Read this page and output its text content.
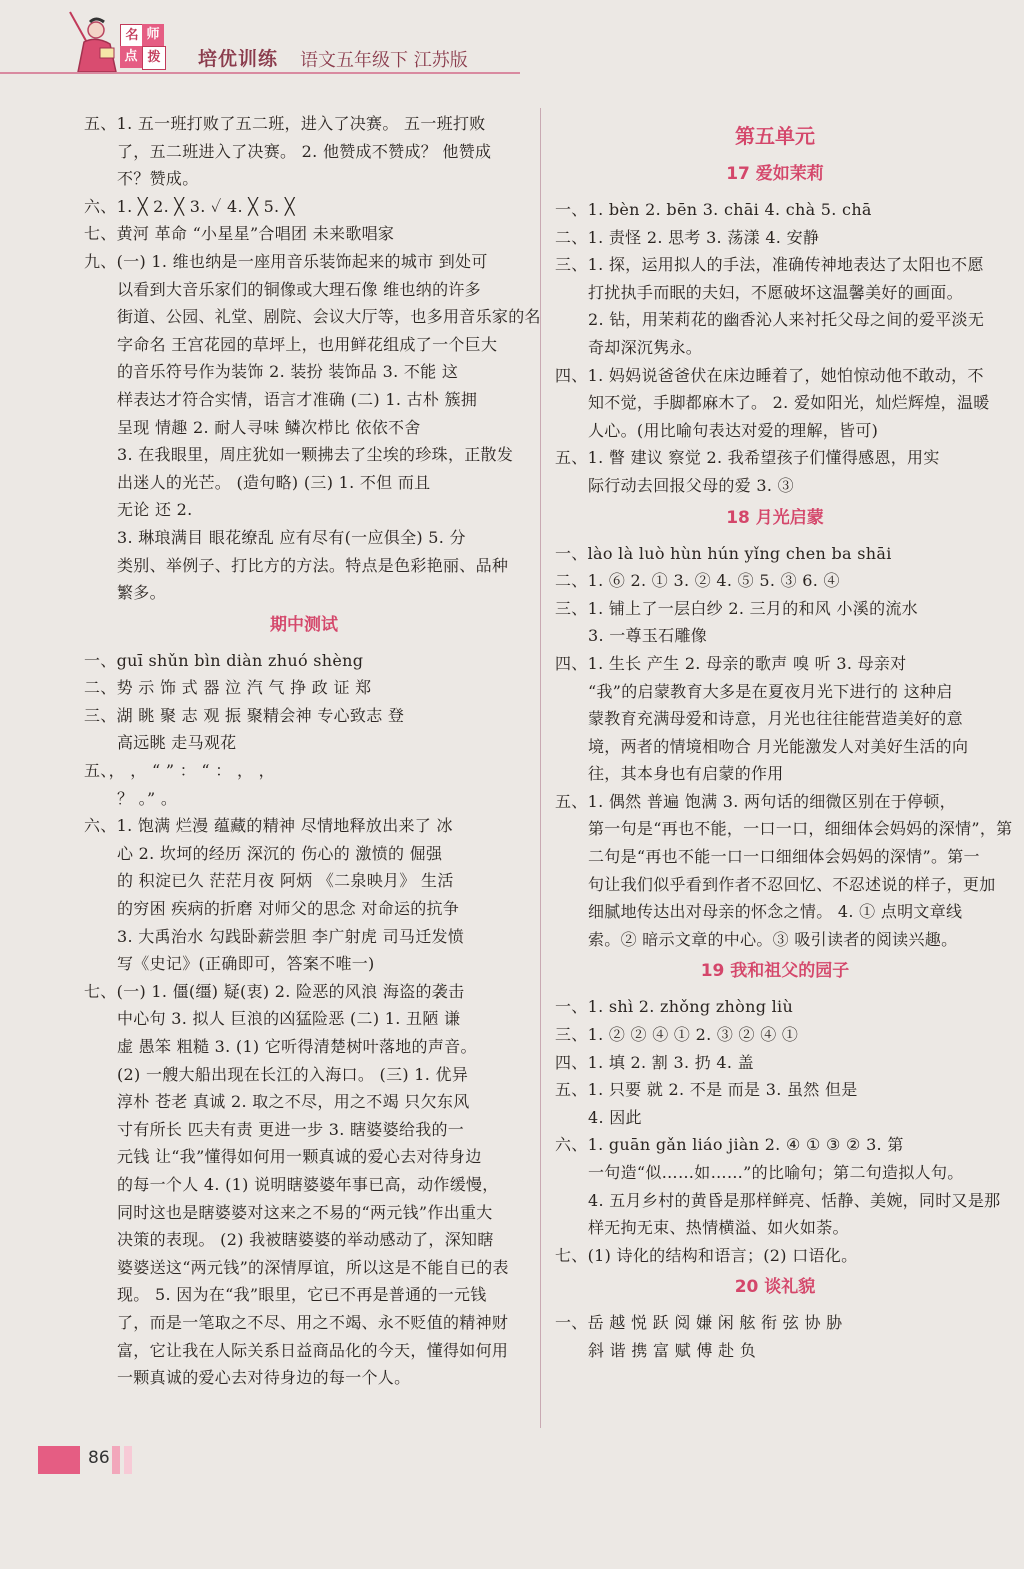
名 师
点 拨 培优训练 语文五年级下 江苏版
五、1. 五一班打败了五二班，进入了决赛。 五一班打败
了，五二班进入了决赛。 2. 他赞成不赞成？ 他赞成
不？赞成。
六、1. ╳ 2. ╳ 3. ✓ 4. ╳ 5. ╳
七、黄河 革命 “小星星”合唱团 未来歌唱家
九、(一) 1. 维也纳是一座用音乐装饰起来的城市 到处可
以看到大音乐家们的铜像或大理石像 维也纳的许多
街道、公园、礼堂、剧院、会议大厅等，也多用音乐家的名
字命名 王宫花园的草坪上，也用鲜花组成了一个巨大
的音乐符号作为装饰 2. 装扮 装饰品 3. 不能 这
样表达才符合实情，语言才准确 (二) 1. 古朴 簇拥
呈现 情趣 2. 耐人寻味 鳞次栉比 依依不舍
3. 在我眼里，周庄犹如一颗拂去了尘埃的珍珠，正散发
出迷人的光芒。 (造句略) (三) 1. 不但 而且
无论 还 2.
3. 琳琅满目 眼花缭乱 应有尽有(一应俱全) 5. 分
类别、举例子、打比方的方法。特点是色彩艳丽、品种
繁多。
期中测试
一、guī shǔn bìn diàn zhuó shèng
二、势 示 饰 式 器 泣 汽 气 挣 政 证 郑
三、湖 眺 聚 志 观 振 聚精会神 专心致志 登
高远眺 走马观花
五、， ， “ ” ： “ ： ， ，
？ 。” 。
六、1. 饱满 烂漫 蕴藏的精神 尽情地释放出来了 冰
心 2. 坎坷的经历 深沉的 伤心的 激愤的 倔强
的 积淀已久 茫茫月夜 阿炳 《二泉映月》 生活
的穷困 疾病的折磨 对师父的思念 对命运的抗争
3. 大禹治水 勾践卧薪尝胆 李广射虎 司马迁发愤
写《史记》(正确即可，答案不唯一)
七、(一) 1. 僵(缰) 疑(衷) 2. 险恶的风浪 海盗的袭击
中心句 3. 拟人 巨浪的凶猛险恶 (二) 1. 丑陋 谦
虚 愚笨 粗糙 3. (1) 它听得清楚树叶落地的声音。
(2) 一艘大船出现在长江的入海口。 (三) 1. 优异
淳朴 苍老 真诚 2. 取之不尽，用之不竭 只欠东风
寸有所长 匹夫有责 更进一步 3. 瞎婆婆给我的一
元钱 让“我”懂得如何用一颗真诚的爱心去对待身边
的每一个人 4. (1) 说明瞎婆婆年事已高，动作缓慢，
同时这也是瞎婆婆对这来之不易的“两元钱”作出重大
决策的表现。 (2) 我被瞎婆婆的举动感动了，深知瞎
婆婆送这“两元钱”的深情厚谊，所以这是不能自已的表
现。 5. 因为在“我”眼里，它已不再是普通的一元钱
了，而是一笔取之不尽、用之不竭、永不贬值的精神财
富，它让我在人际关系日益商品化的今天，懂得如何用
一颗真诚的爱心去对待身边的每一个人。
第五单元
17 爱如茉莉
一、1. bèn 2. bēn 3. chāi 4. chà 5. chā
二、1. 责怪 2. 思考 3. 荡漾 4. 安静
三、1. 探，运用拟人的手法，准确传神地表达了太阳也不愿
打扰执手而眠的夫妇，不愿破坏这温馨美好的画面。
2. 钻，用茉莉花的幽香沁人来衬托父母之间的爱平淡无
奇却深沉隽永。
四、1. 妈妈说爸爸伏在床边睡着了，她怕惊动他不敢动，不
知不觉，手脚都麻木了。 2. 爱如阳光，灿烂辉煌，温暖
人心。(用比喻句表达对爱的理解，皆可)
五、1. 瞥 建议 察觉 2. 我希望孩子们懂得感恩，用实
际行动去回报父母的爱 3. ③
18 月光启蒙
一、lào là luò hùn hún yǐng chen ba shāi
二、1. ⑥ 2. ① 3. ② 4. ⑤ 5. ③ 6. ④
三、1. 铺上了一层白纱 2. 三月的和风 小溪的流水
3. 一尊玉石雕像
四、1. 生长 产生 2. 母亲的歌声 嗅 听 3. 母亲对
“我”的启蒙教育大多是在夏夜月光下进行的 这种启
蒙教育充满母爱和诗意，月光也往往能营造美好的意
境，两者的情境相吻合 月光能激发人对美好生活的向
往，其本身也有启蒙的作用
五、1. 偶然 普遍 饱满 3. 两句话的细微区别在于停顿，
第一句是“再也不能，一口一口，细细体会妈妈的深情”，第
二句是“再也不能一口一口细细体会妈妈的深情”。第一
句让我们似乎看到作者不忍回忆、不忍述说的样子，更加
细腻地传达出对母亲的怀念之情。 4. ① 点明文章线
索。② 暗示文章的中心。③ 吸引读者的阅读兴趣。
19 我和祖父的园子
一、1. shì 2. zhǒng zhòng liù
三、1. ② ② ④ ① 2. ③ ② ④ ①
四、1. 填 2. 割 3. 扔 4. 盖
五、1. 只要 就 2. 不是 而是 3. 虽然 但是
4. 因此
六、1. guān gǎn liáo jiàn 2. ④ ① ③ ② 3. 第
一句造“似……如……”的比喻句；第二句造拟人句。
4. 五月乡村的黄昏是那样鲜亮、恬静、美婉，同时又是那
样无拘无束、热情横溢、如火如荼。
七、(1) 诗化的结构和语言；(2) 口语化。
20 谈礼貌
一、岳 越 悦 跃 阅 嫌 闲 舷 衔 弦 协 胁
斜 谐 携 富 赋 傅 赴 负
86
